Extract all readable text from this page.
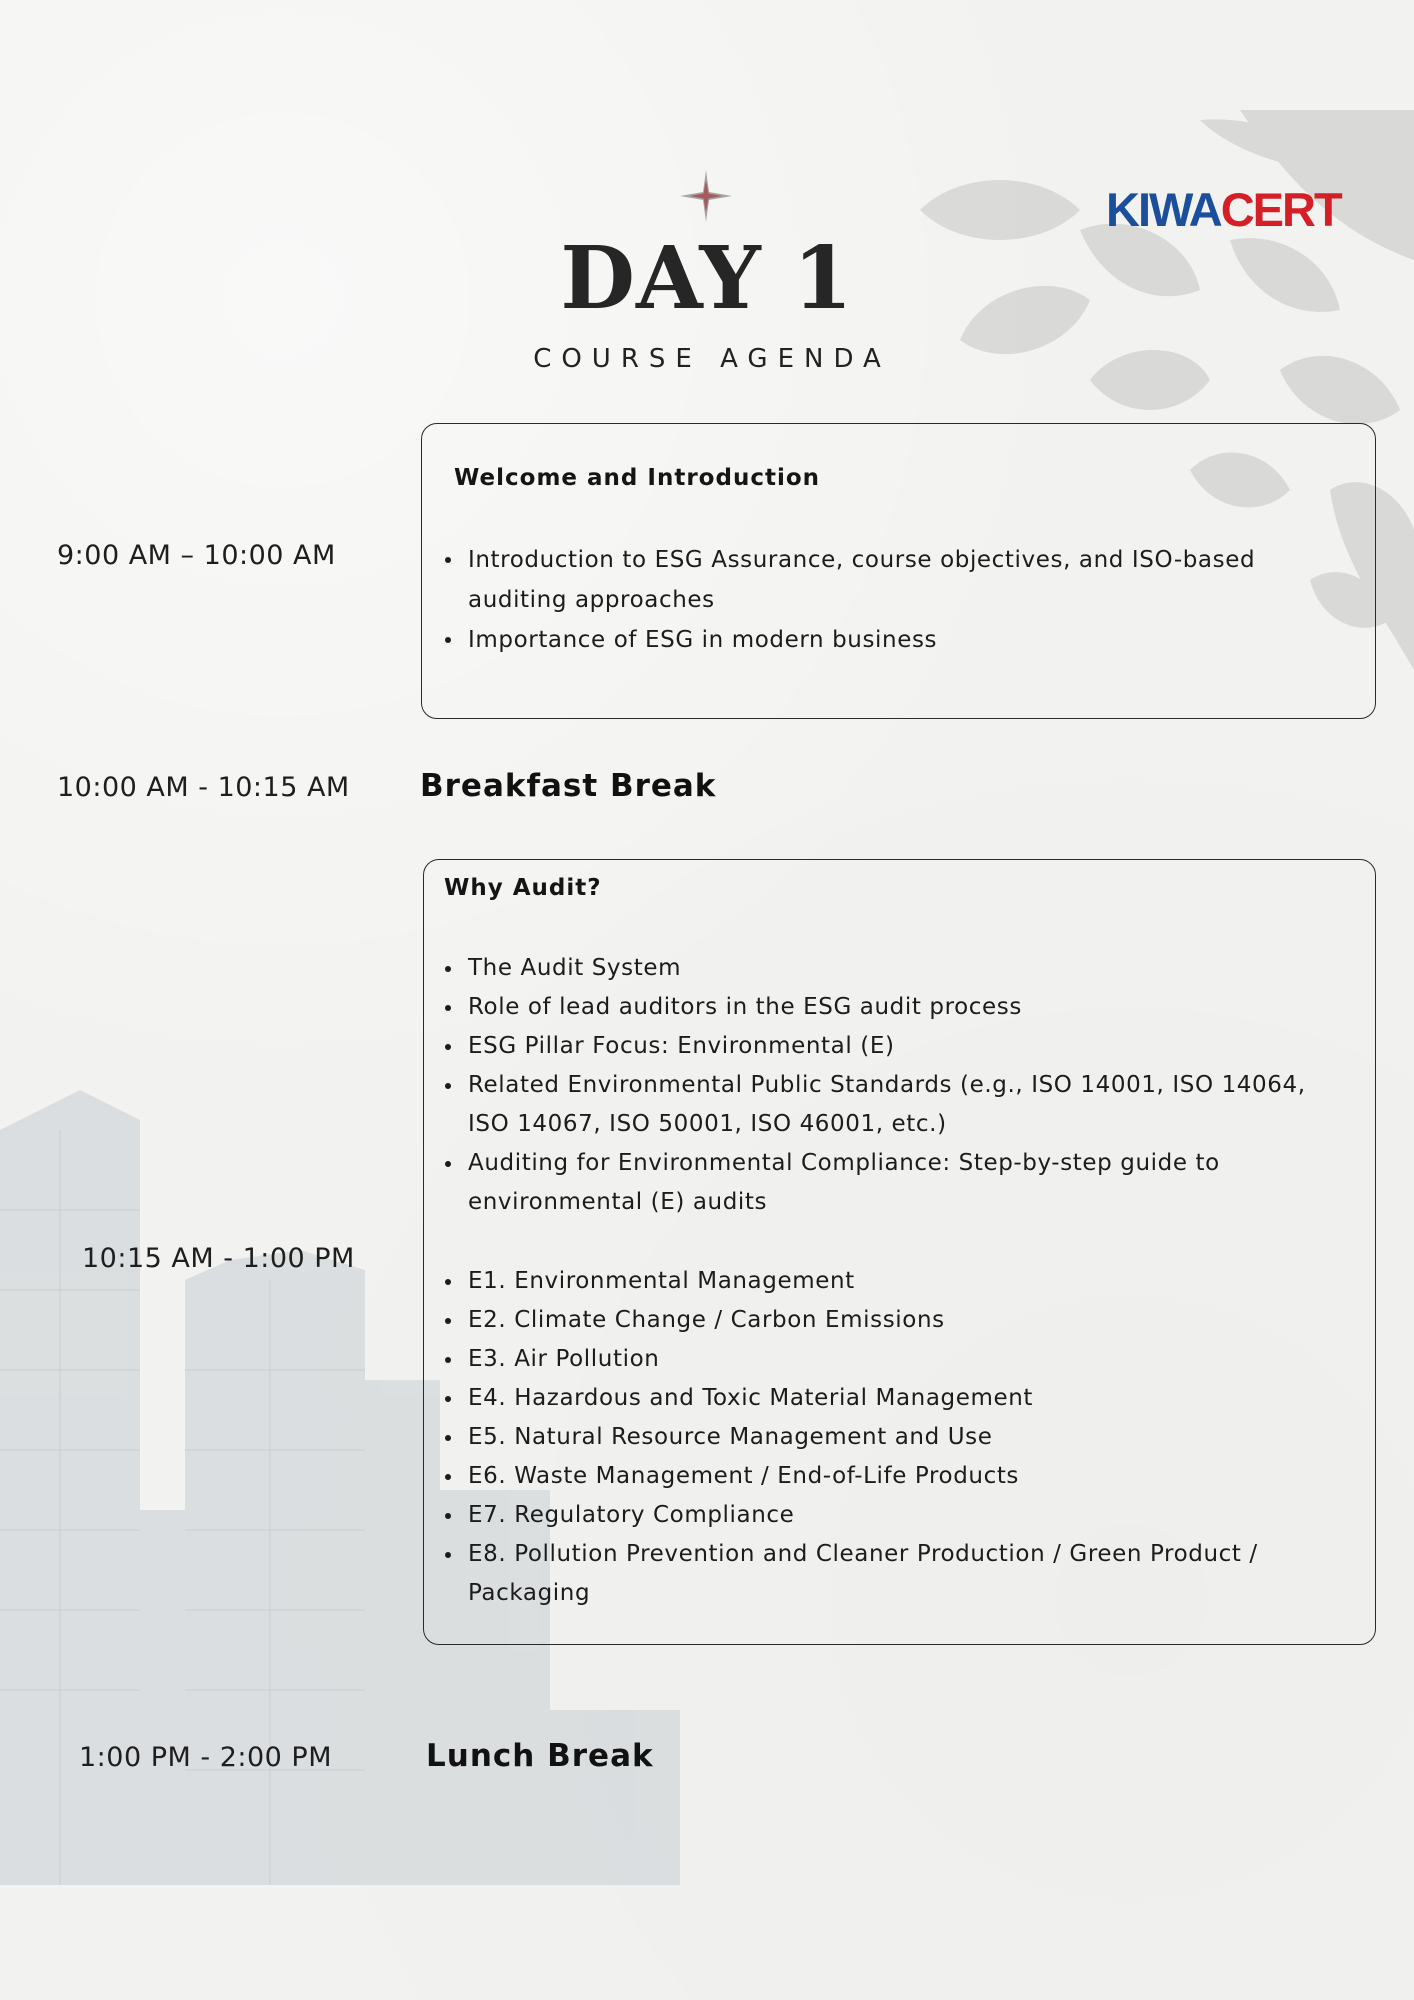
KIWACERT
DAY 1
COURSE AGENDA
9:00 AM – 10:00 AM
Welcome and Introduction
Introduction to ESG Assurance, course objectives, and ISO-based auditing approaches
Importance of ESG in modern business
10:00 AM - 10:15 AM Breakfast Break
10:15 AM - 1:00 PM
Why Audit?
The Audit System
Role of lead auditors in the ESG audit process
ESG Pillar Focus: Environmental (E)
Related Environmental Public Standards (e.g., ISO 14001, ISO 14064, ISO 14067, ISO 50001, ISO 46001, etc.)
Auditing for Environmental Compliance: Step-by-step guide to environmental (E) audits
E1. Environmental Management
E2. Climate Change / Carbon Emissions
E3. Air Pollution
E4. Hazardous and Toxic Material Management
E5. Natural Resource Management and Use
E6. Waste Management / End-of-Life Products
E7. Regulatory Compliance
E8. Pollution Prevention and Cleaner Production / Green Product / Packaging
1:00 PM - 2:00 PM	Lunch Break
